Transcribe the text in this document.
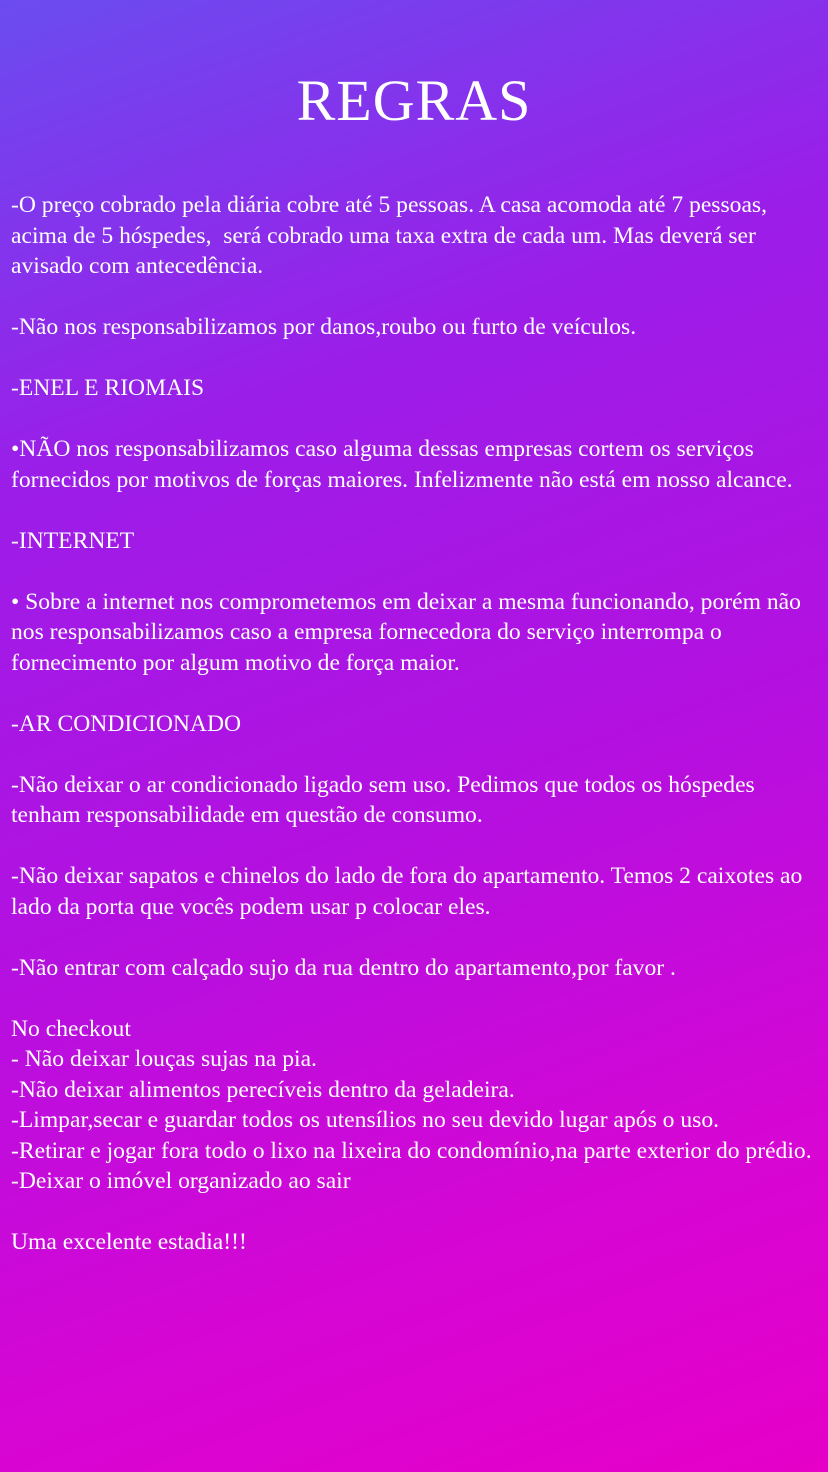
REGRAS

-O preço cobrado pela diária cobre até 5 pessoas. A casa acomoda até 7 pessoas,  acima de 5 hóspedes,  será cobrado uma taxa extra de cada um. Mas deverá ser avisado com antecedência.

-Não nos responsabilizamos por danos,roubo ou furto de veículos.

-ENEL E RIOMAIS

•NÃO nos responsabilizamos caso alguma dessas empresas cortem os serviços fornecidos por motivos de forças maiores. Infelizmente não está em nosso alcance.

-INTERNET

• Sobre a internet nos comprometemos em deixar a mesma funcionando, porém não nos responsabilizamos caso a empresa fornecedora do serviço interrompa o fornecimento por algum motivo de força maior.

-AR CONDICIONADO

-Não deixar o ar condicionado ligado sem uso. Pedimos que todos os hóspedes tenham responsabilidade em questão de consumo.

-Não deixar sapatos e chinelos do lado de fora do apartamento. Temos 2 caixotes ao lado da porta que vocês podem usar p colocar eles.

-Não entrar com calçado sujo da rua dentro do apartamento,por favor .

No checkout
- Não deixar louças sujas na pia.
-Não deixar alimentos perecíveis dentro da geladeira.
-Limpar,secar e guardar todos os utensílios no seu devido lugar após o uso.
-Retirar e jogar fora todo o lixo na lixeira do condomínio,na parte exterior do prédio.
-Deixar o imóvel organizado ao sair

Uma excelente estadia!!!
